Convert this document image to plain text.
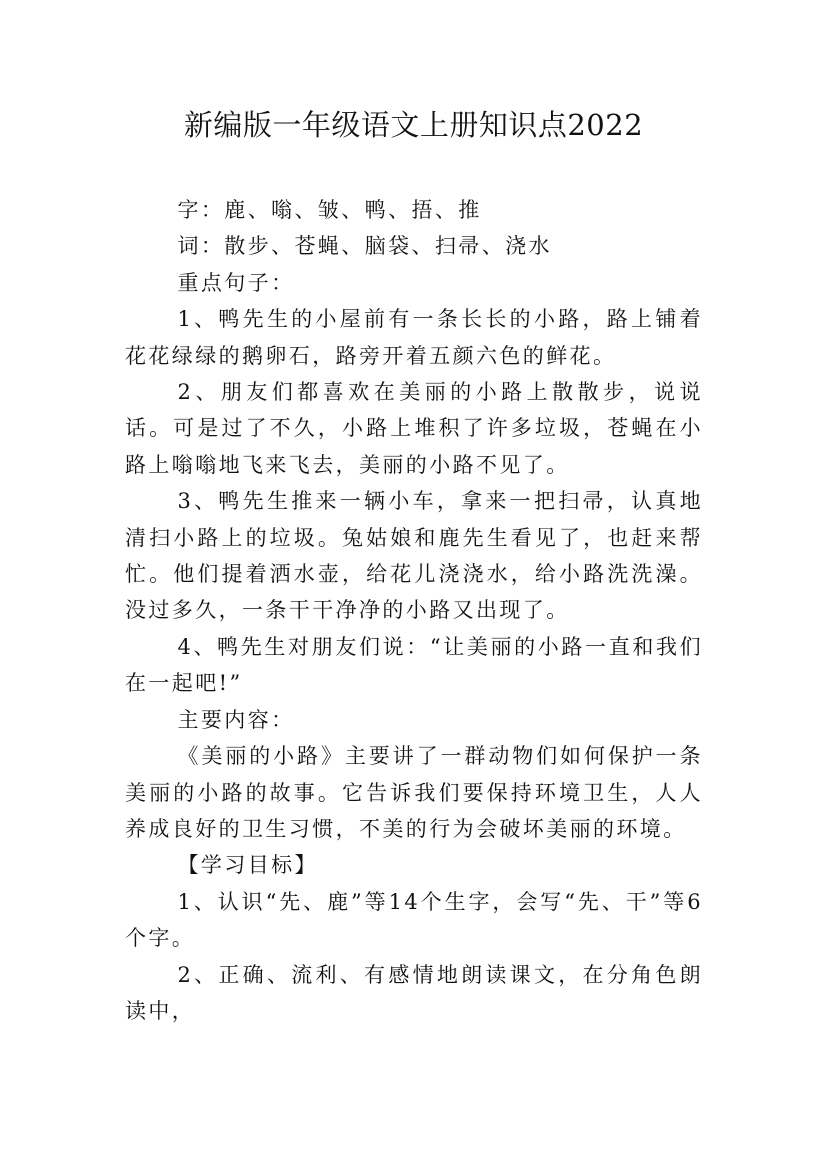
新编版一年级语文上册知识点2022

字：鹿、嗡、皱、鸭、捂、推

词：散步、苍蝇、脑袋、扫帚、浇水

重点句子：

1、鸭先生的小屋前有一条长长的小路，路上铺着花花绿绿的鹅卵石，路旁开着五颜六色的鲜花。

2、朋友们都喜欢在美丽的小路上散散步，说说话。可是过了不久，小路上堆积了许多垃圾，苍蝇在小路上嗡嗡地飞来飞去，美丽的小路不见了。

3、鸭先生推来一辆小车，拿来一把扫帚，认真地清扫小路上的垃圾。兔姑娘和鹿先生看见了，也赶来帮忙。他们提着洒水壶，给花儿浇浇水，给小路洗洗澡。没过多久，一条干干净净的小路又出现了。

4、鸭先生对朋友们说：“让美丽的小路一直和我们在一起吧!”

主要内容：

《美丽的小路》主要讲了一群动物们如何保护一条美丽的小路的故事。它告诉我们要保持环境卫生，人人养成良好的卫生习惯，不美的行为会破坏美丽的环境。

【学习目标】

1、认识“先、鹿”等14个生字，会写“先、干”等6个字。

2、正确、流利、有感情地朗读课文，在分角色朗读中，
